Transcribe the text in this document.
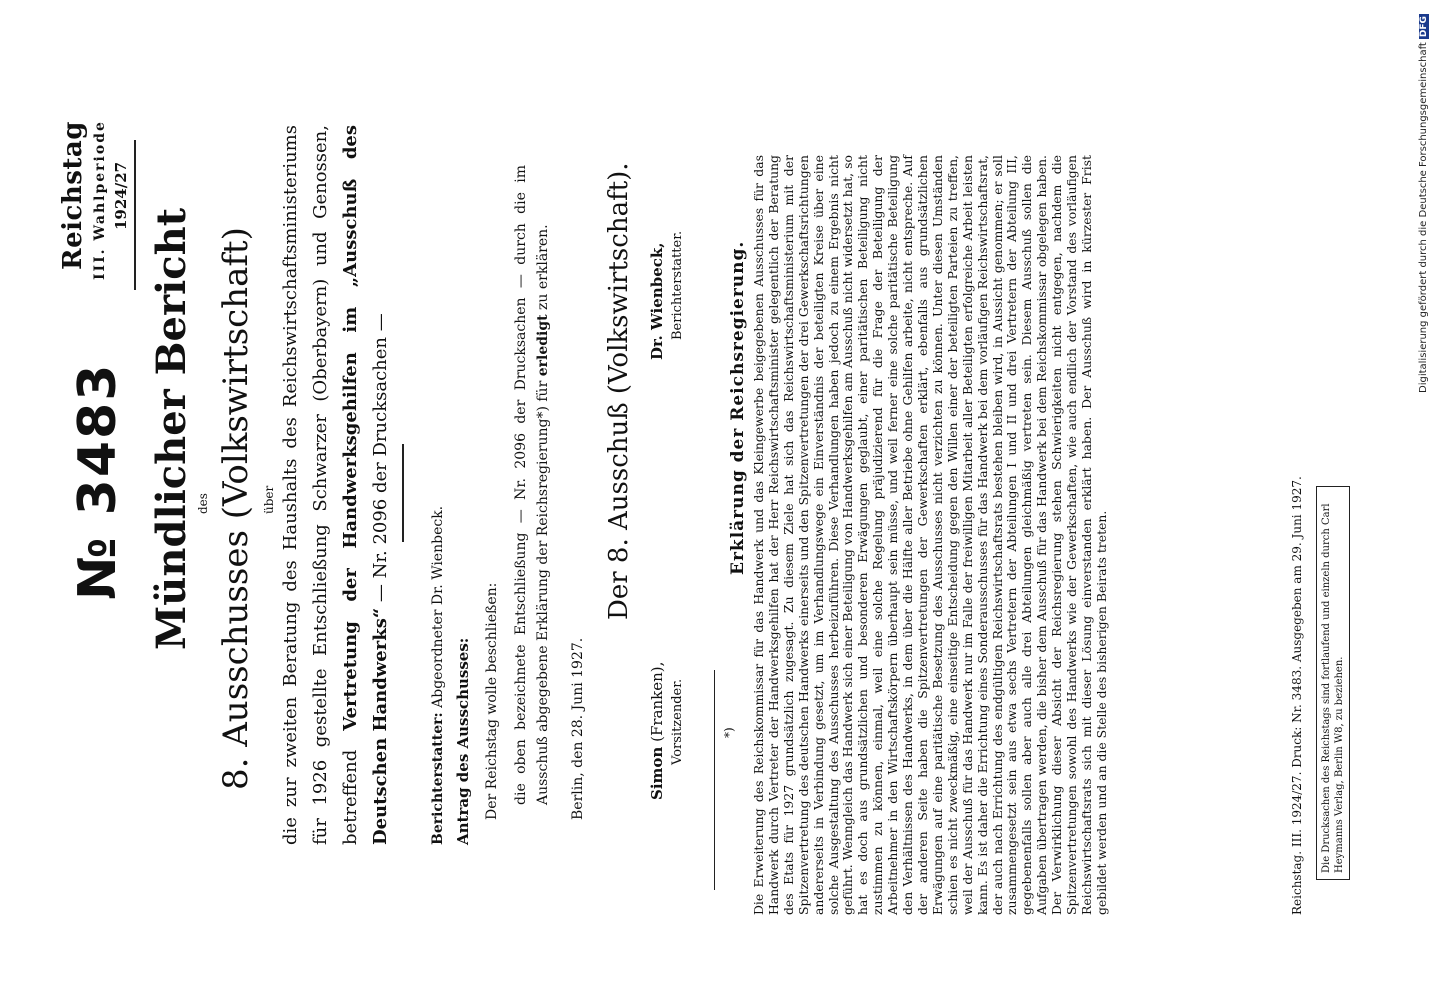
Reichstag III. Wahlperiode 1924/27
№ 3483 Mündlicher Bericht des 8. Ausschusses (Volkswirtschaft) über die zur zweiten Beratung des Haushalts des Reichswirtschaftsministeriums für 1926 gestellte Entschließung Schwarzer (Oberbayern) und Genossen, betreffend Vertretung der Handwerksgehilfen im „Ausschuß des Deutschen Handwerks“ — Nr. 2096 der Drucksachen —
Berichterstatter: Abgeordneter Dr. Wienbeck.
Antrag des Ausschusses: Der Reichstag wolle beschließen: die oben bezeichnete Entschließung — Nr. 2096 der Drucksachen — durch die im Ausschuß abgegebene Erklärung der Reichsregierung*) für erledigt zu erklären.
Berlin, den 28. Juni 1927.
Der 8. Ausschuß (Volkswirtschaft).
Simon (Franken), Vorsitzender.
Dr. Wienbeck, Berichterstatter.
*)
Erklärung der Reichsregierung. Die Erweiterung des Reichskommissar für das Handwerk und das Kleingewerbe beigegebenen Ausschusses für das Handwerk durch Vertreter der Handwerksgehilfen hat der Herr Reichswirtschaftsminister gelegentlich der Beratung des Etats für 1927 grundsätzlich zugesagt. Zu diesem Ziele hat sich das Reichswirtschaftsministerium mit der Spitzenvertretung des deutschen Handwerks einerseits und den Spitzenvertretungen der drei Gewerkschaftsrichtungen andererseits in Verbindung gesetzt, um im Verhandlungswege ein Einverständnis der beteiligten Kreise über eine solche Ausgestaltung des Ausschusses herbeizuführen. Diese Verhandlungen haben jedoch zu einem Ergebnis nicht geführt. Wenngleich das Handwerk sich einer Beteiligung von Handwerksgehilfen am Ausschuß nicht widersetzt hat, so hat es doch aus grundsätzlichen und besonderen Erwägungen geglaubt, einer paritätischen Beteiligung nicht zustimmen zu können, einmal, weil eine solche Regelung präjudizierend für die Frage der Beteiligung der Arbeitnehmer in den Wirtschaftskörpern überhaupt sein müsse, und weil ferner eine solche paritätische Beteiligung den Verhältnissen des Handwerks, in dem über die Hälfte aller Betriebe ohne Gehilfen arbeite, nicht entspreche. Auf der anderen Seite haben die Spitzenvertretungen der Gewerkschaften erklärt, ebenfalls aus grundsätzlichen Erwägungen auf eine paritätische Besetzung des Ausschusses nicht verzichten zu können. Unter diesen Umständen schien es nicht zweckmäßig, eine einseitige Entscheidung gegen den Willen einer der beteiligten Parteien zu treffen, weil der Ausschuß für das Handwerk nur im Falle der freiwilligen Mitarbeit aller Beteiligten erfolgreiche Arbeit leisten kann. Es ist daher die Errichtung eines Sonderausschusses für das Handwerk bei dem vorläufigen Reichswirtschaftsrat, der auch nach Errichtung des endgültigen Reichswirtschaftsrats bestehen bleiben wird, in Aussicht genommen; er soll zusammengesetzt sein aus etwa sechs Vertretern der Abteilungen I und II und drei Vertretern der Abteilung III, gegebenenfalls sollen aber auch alle drei Abteilungen gleichmäßig vertreten sein. Diesem Ausschuß sollen die Aufgaben übertragen werden, die bisher dem Ausschuß für das Handwerk bei dem Reichskommissar obgelegen haben. Der Verwirklichung dieser Absicht der Reichsregierung stehen Schwierigkeiten nicht entgegen, nachdem die Spitzenvertretungen sowohl des Handwerks wie der Gewerkschaften, wie auch endlich der Vorstand des vorläufigen Reichswirtschaftsrats sich mit dieser Lösung einverstanden erklärt haben. Der Ausschuß wird in kürzester Frist gebildet werden und an die Stelle des bisherigen Beirats treten.	Reichstag. III. 1924/27. Druck: Nr. 3483. Ausgegeben am 29. Juni 1927.	Die Drucksachen des Reichstags sind fortlaufend und einzeln durch Carl Heymanns Verlag, Berlin W8, zu beziehen.
Digitalisierung gefördert durch die Deutsche ForschungsgemeinschaftDFG
